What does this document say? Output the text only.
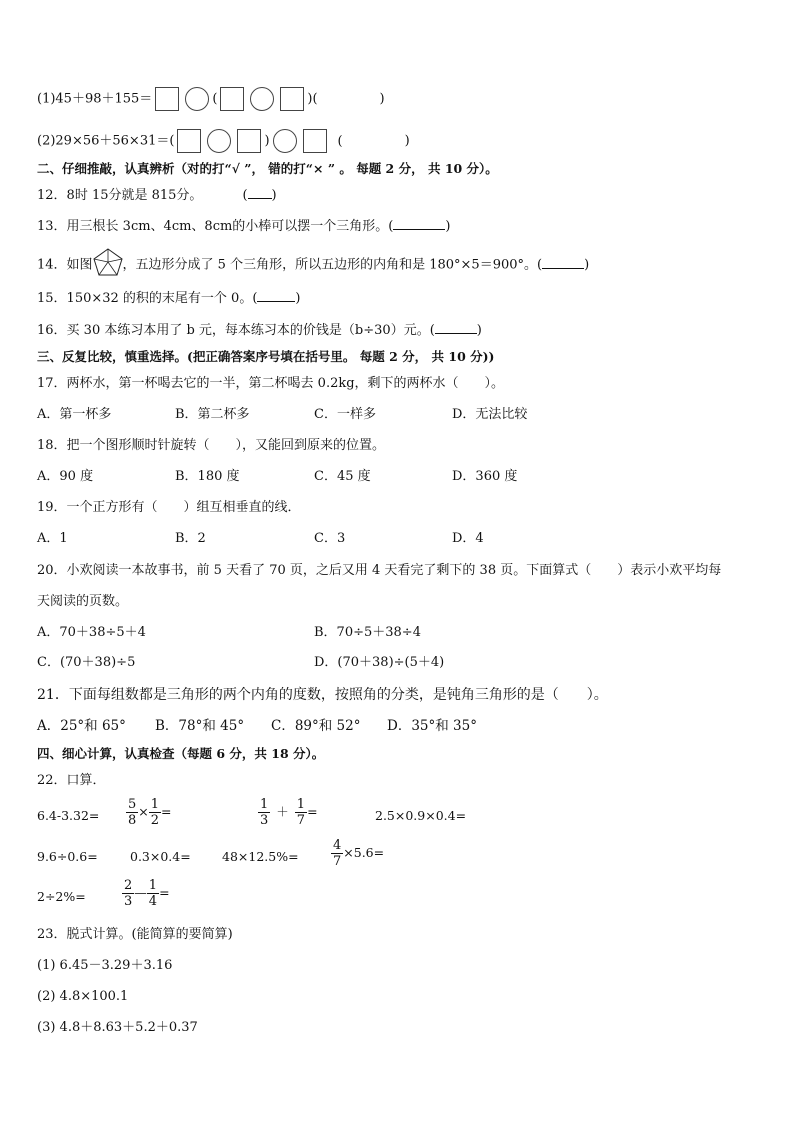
(1)45＋98＋155＝	(	)(	)
(2)29×56＋56×31＝(	)	(	)
二、仔细推敲，认真辨析（对的打“√ ”， 错的打“× ” 。 每题 2 分， 共 10 分）。
12．8时 15分就是 815分。	( )
13．用三根长 3cm、4cm、8cm的小棒可以摆一个三角形。(	)
14．如图 ，五边形分成了 5 个三角形，所以五边形的内角和是 180°×5＝900°。(	)
15．150×32 的积的末尾有一个 0。(	)
16．买 30 本练习本用了 b 元，每本练习本的价钱是（b÷30）元。(	)
三、反复比较，慎重选择。(把正确答案序号填在括号里。 每题 2 分， 共 10 分))
17．两杯水，第一杯喝去它的一半，第二杯喝去 0.2kg，剩下的两杯水（　　）。
A．第一杯多	B．第二杯多	C．一样多	D．无法比较
18．把一个图形顺时针旋转（　　），又能回到原来的位置。
A．90 度	B．180 度	C．45 度	D．360 度
19．一个正方形有（　　）组互相垂直的线．
A．1	B．2	C．3	D．4
20．小欢阅读一本故事书，前 5 天看了 70 页，之后又用 4 天看完了剩下的 38 页。下面算式（　　）表示小欢平均每
天阅读的页数。
A．70＋38÷5＋4	B．70÷5＋38÷4
C．(70＋38)÷5	D．(70＋38)÷(5＋4)
21．下面每组数都是三角形的两个内角的度数，按照角的分类，是钝角三角形的是（　　）。
A．25°和 65° B．78°和 45° C．89°和 52° D．35°和 35°
四、细心计算，认真检查（每题 6 分，共 18 分）。
22．口算．
$6.4-3.32= \frac{5}{8} \times \frac{1}{2}$ =	$\frac{1}{3} + \frac{1}{7}$ =	2.5×0.9×0.4=
9.6÷0.6=	0.3×0.4=	$48\times 12.5\%= \frac{4}{7} \times 5.6=$
2÷2%=	$\frac{2}{3}$ — $\frac{1}{4}$ =
23．脱式计算。(能简算的要简算)
(1) 6.45－3.29＋3.16
(2) 4.8×100.1
(3) 4.8＋8.63＋5.2＋0.37
